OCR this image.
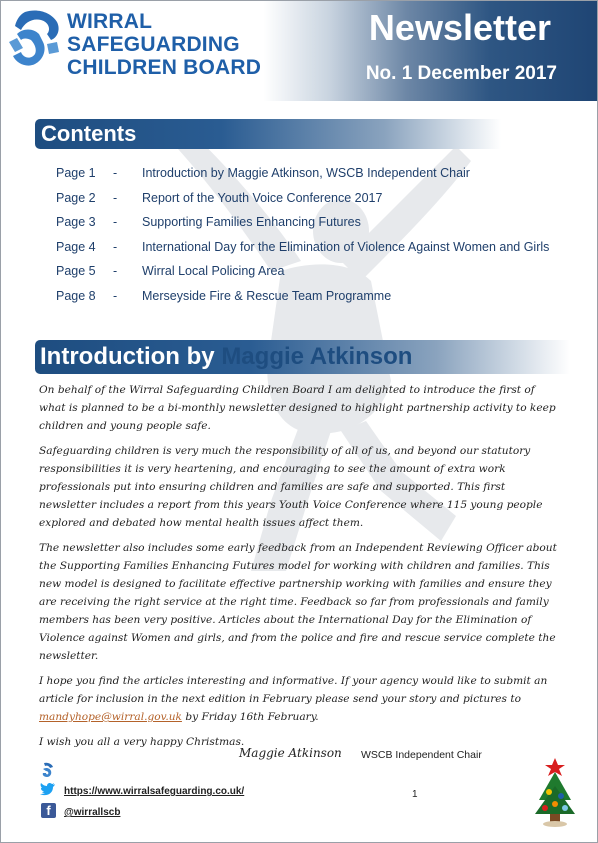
WIRRAL
SAFEGUARDING
CHILDREN BOARD
Newsletter
No. 1 December 2017
Contents
Page 1 - Introduction by Maggie Atkinson, WSCB Independent Chair
Page 2 - Report of the Youth Voice Conference 2017
Page 3 - Supporting Families Enhancing Futures
Page 4 - International Day for the Elimination of Violence Against Women and Girls
Page 5 - Wirral Local Policing Area
Page 8 - Merseyside Fire & Rescue Team Programme
Introduction by Maggie Atkinson

On behalf of the Wirral Safeguarding Children Board I am delighted to introduce the first of what is planned to be a bi-monthly newsletter designed to highlight partnership activity to keep children and young people safe.

Safeguarding children is very much the responsibility of all of us, and beyond our statutory responsibilities it is very heartening, and encouraging to see the amount of extra work professionals put into ensuring children and families are safe and supported. This first newsletter includes a report from this years Youth Voice Conference where 115 young people explored and debated how mental health issues affect them.

The newsletter also includes some early feedback from an Independent Reviewing Officer about the Supporting Families Enhancing Futures model for working with children and families. This new model is designed to facilitate effective partnership working with families and ensure they are receiving the right service at the right time. Feedback so far from professionals and family members has been very positive. Articles about the International Day for the Elimination of Violence against Women and girls, and from the police and fire and rescue service complete the newsletter.

I hope you find the articles interesting and informative. If your agency would like to submit an article for inclusion in the next edition in February please send your story and pictures to mandyhope@wirral.gov.uk by Friday 16th February.

I wish you all a very happy Christmas.

Maggie Atkinson WSCB Independent Chair
https://www.wirralsafeguarding.co.uk/
f	@wirrallscb
1
